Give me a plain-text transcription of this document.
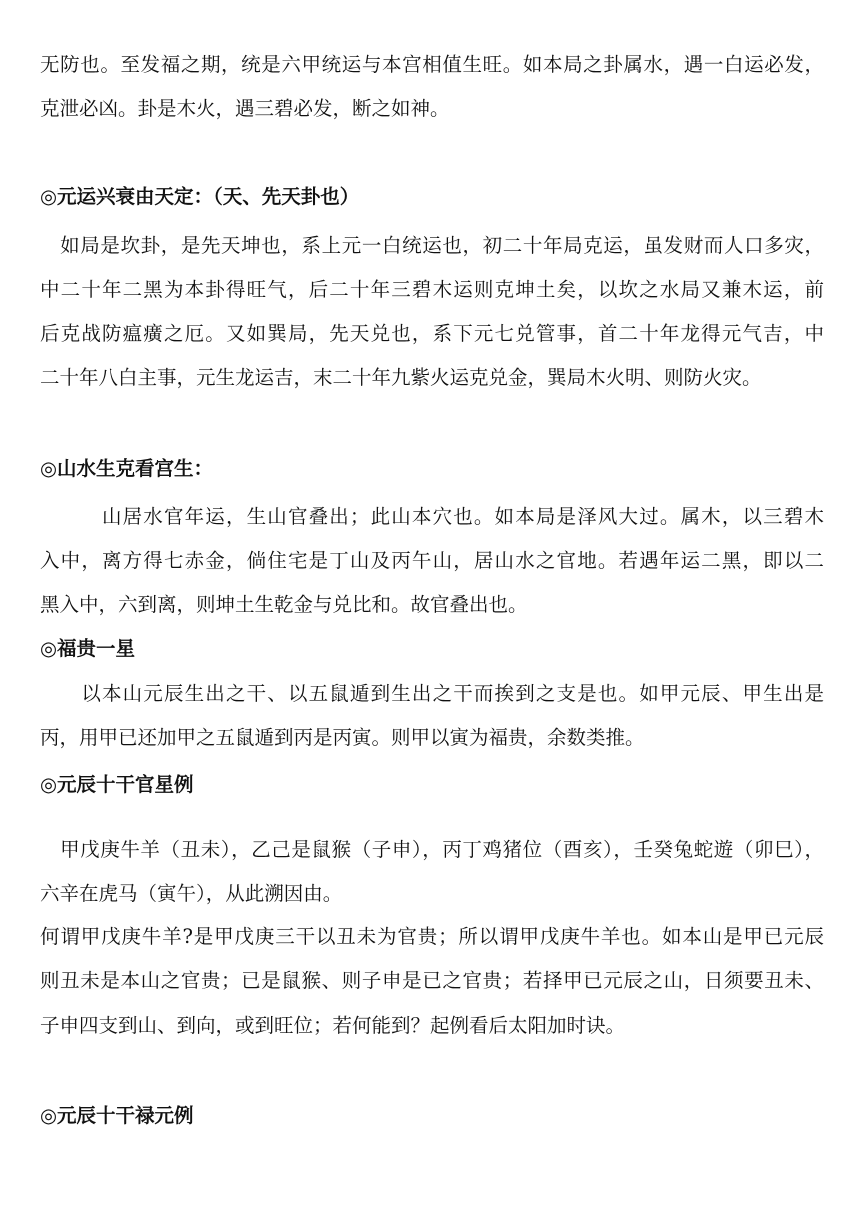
无防也。至发福之期，统是六甲统运与本宫相值生旺。如本局之卦属水，遇一白运必发，
克泄必凶。卦是木火，遇三碧必发，断之如神。
◎元运兴衰由天定：（天、先天卦也）
　如局是坎卦，是先天坤也，系上元一白统运也，初二十年局克运，虽发财而人口多灾，
中二十年二黑为本卦得旺气，后二十年三碧木运则克坤土矣，以坎之水局又兼木运，前
后克战防瘟癀之厄。又如巽局，先天兑也，系下元七兑管事，首二十年龙得元气吉，中
二十年八白主事，元生龙运吉，末二十年九紫火运克兑金，巽局木火明、则防火灾。
◎山水生克看宫生：
　　　山居水官年运，生山官叠出；此山本穴也。如本局是泽风大过。属木，以三碧木
入中，离方得七赤金，倘住宅是丁山及丙午山，居山水之官地。若遇年运二黑，即以二
黑入中，六到离，则坤土生乾金与兑比和。故官叠出也。
◎福贵一星
　　以本山元辰生出之干、以五鼠遁到生出之干而挨到之支是也。如甲元辰、甲生出是
丙，用甲已还加甲之五鼠遁到丙是丙寅。则甲以寅为福贵，余数类推。
◎元辰十干官星例
　甲戊庚牛羊（丑未），乙己是鼠猴（子申），丙丁鸡猪位（酉亥），壬癸兔蛇遊（卯巳），
六辛在虎马（寅午），从此溯因由。
何谓甲戊庚牛羊?是甲戊庚三干以丑未为官贵；所以谓甲戊庚牛羊也。如本山是甲已元辰
则丑未是本山之官贵；已是鼠猴、则子申是已之官贵；若择甲已元辰之山，日须要丑未、
子申四支到山、到向，或到旺位；若何能到？起例看后太阳加时诀。
◎元辰十干禄元例
